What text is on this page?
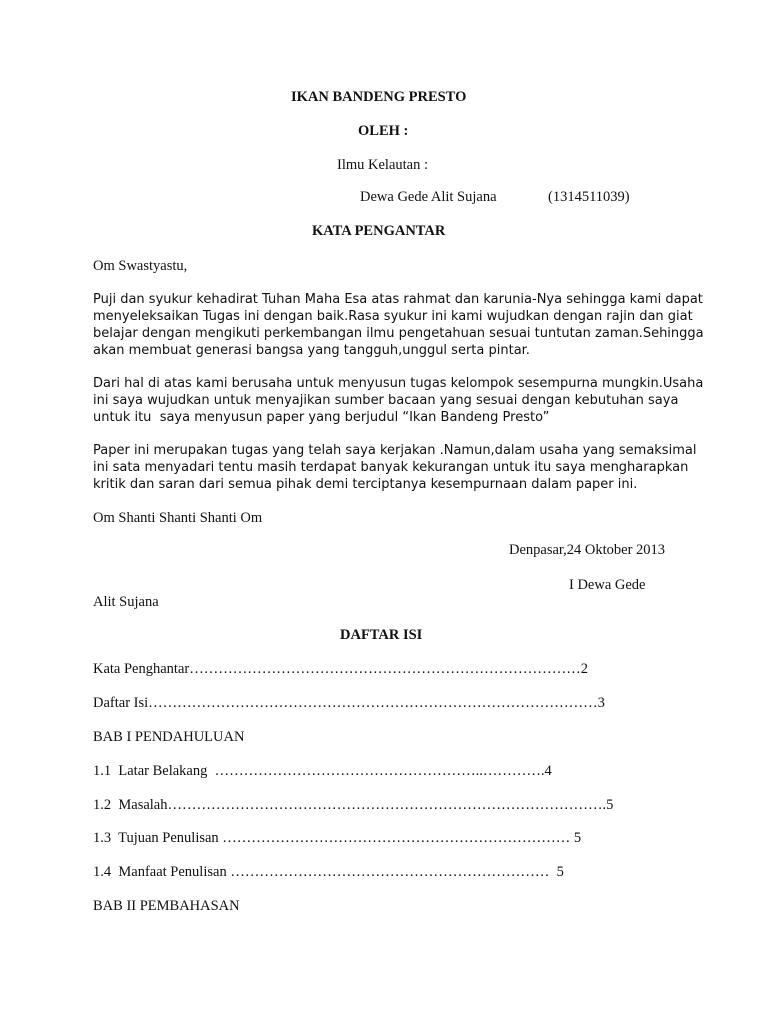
IKAN BANDENG PRESTO
OLEH :
Ilmu Kelautan :
Dewa Gede Alit Sujana	(1314511039)
KATA PENGANTAR
Om Swastyastu,
Puji dan syukur kehadirat Tuhan Maha Esa atas rahmat dan karunia-Nya sehingga kami dapat
menyeleksaikan Tugas ini dengan baik.Rasa syukur ini kami wujudkan dengan rajin dan giat
belajar dengan mengikuti perkembangan ilmu pengetahuan sesuai tuntutan zaman.Sehingga
akan membuat generasi bangsa yang tangguh,unggul serta pintar.
Dari hal di atas kami berusaha untuk menyusun tugas kelompok sesempurna mungkin.Usaha
ini saya wujudkan untuk menyajikan sumber bacaan yang sesuai dengan kebutuhan saya
untuk itu  saya menyusun paper yang berjudul “Ikan Bandeng Presto”
Paper ini merupakan tugas yang telah saya kerjakan .Namun,dalam usaha yang semaksimal
ini sata menyadari tentu masih terdapat banyak kekurangan untuk itu saya mengharapkan
kritik dan saran dari semua pihak demi terciptanya kesempurnaan dalam paper ini.
Om Shanti Shanti Shanti Om
Denpasar,24 Oktober 2013
I Dewa Gede
Alit Sujana
DAFTAR ISI
Kata Penghantar………………………………………………………………………2
Daftar Isi…………………………………………………………………………………3
BAB I PENDAHULUAN
1.1  Latar Belakang  ………………………………………………..………….4
1.2  Masalah……………………………………………………………………………….5
1.3  Tujuan Penulisan ……………………………………………………………… 5
1.4  Manfaat Penulisan …………………………………………………………  5
BAB II PEMBAHASAN
